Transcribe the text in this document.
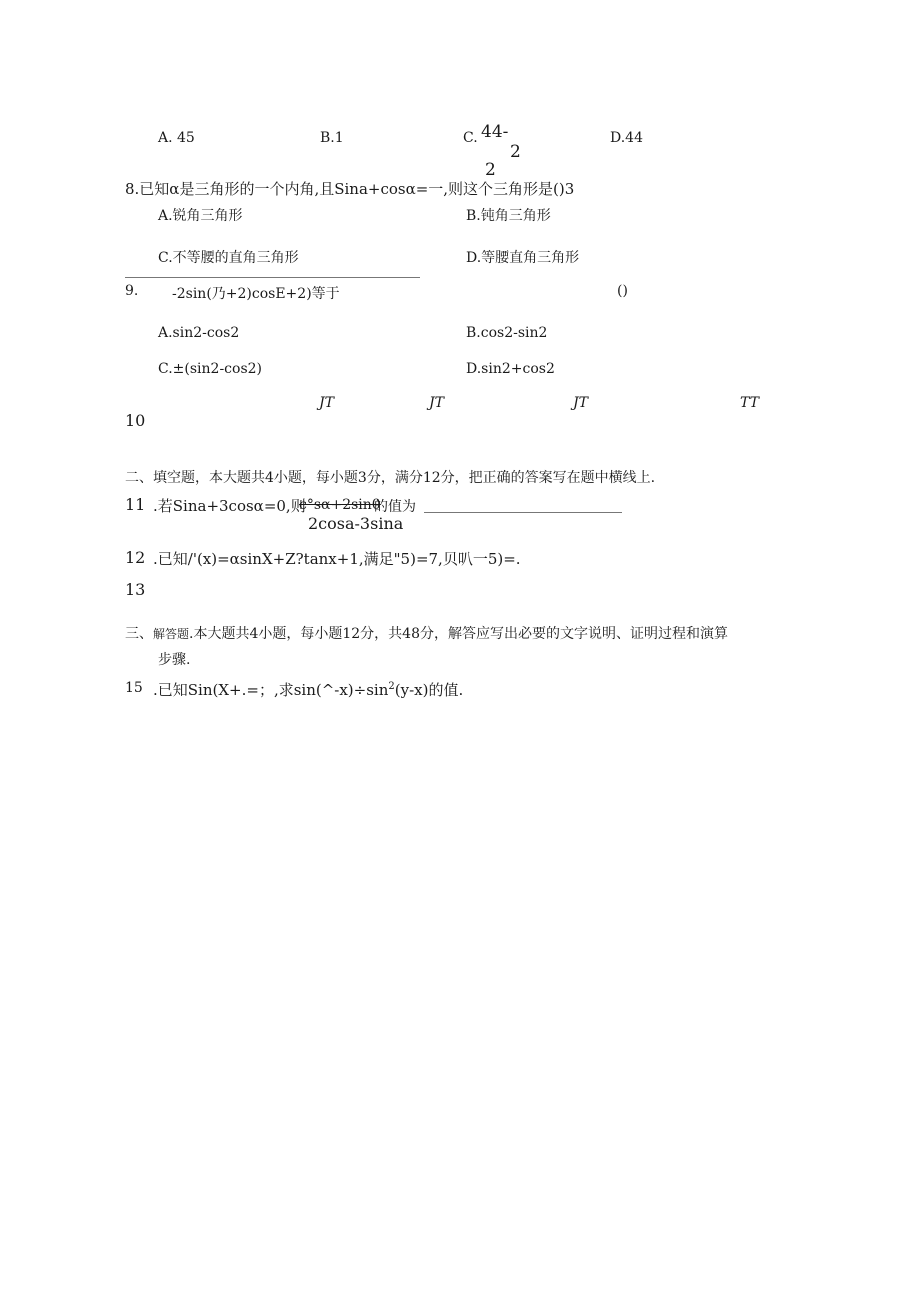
A. 45	B.1	C. 44-
2
2
D.44
8.已知α是三角形的一个内角,且Sina+cosα=一,则这个三角形是()3
A.锐角三角形	B.钝角三角形
C.不等腰的直角三角形	D.等腰直角三角形
9. -2sin(乃+2)cosE+2)等于	()
A.sin2-cos2	B.cos2-sin2
C.±(sin2-cos2)	D.sin2+cos2
JT	JT	JT	TT
10
二、填空题，本大题共4小题，每小题3分，满分12分，把正确的答案写在题中横线上.
11 .若Sina+3cosα=0,则
c°sα+2sin0
的值为
2cosa-3sina
12 .已知/'(x)=αsinX+Z?tanx+1,满足"5)=7,贝叭一5)=.
13
三、解答题.本大题共4小题，每小题12分，共48分，解答应写出必要的文字说明、证明过程和演算
步骤.
15 .已知Sin(X+.=；,求$\sin(\^{}-x)\div\sin^2(y-x)$的值.
